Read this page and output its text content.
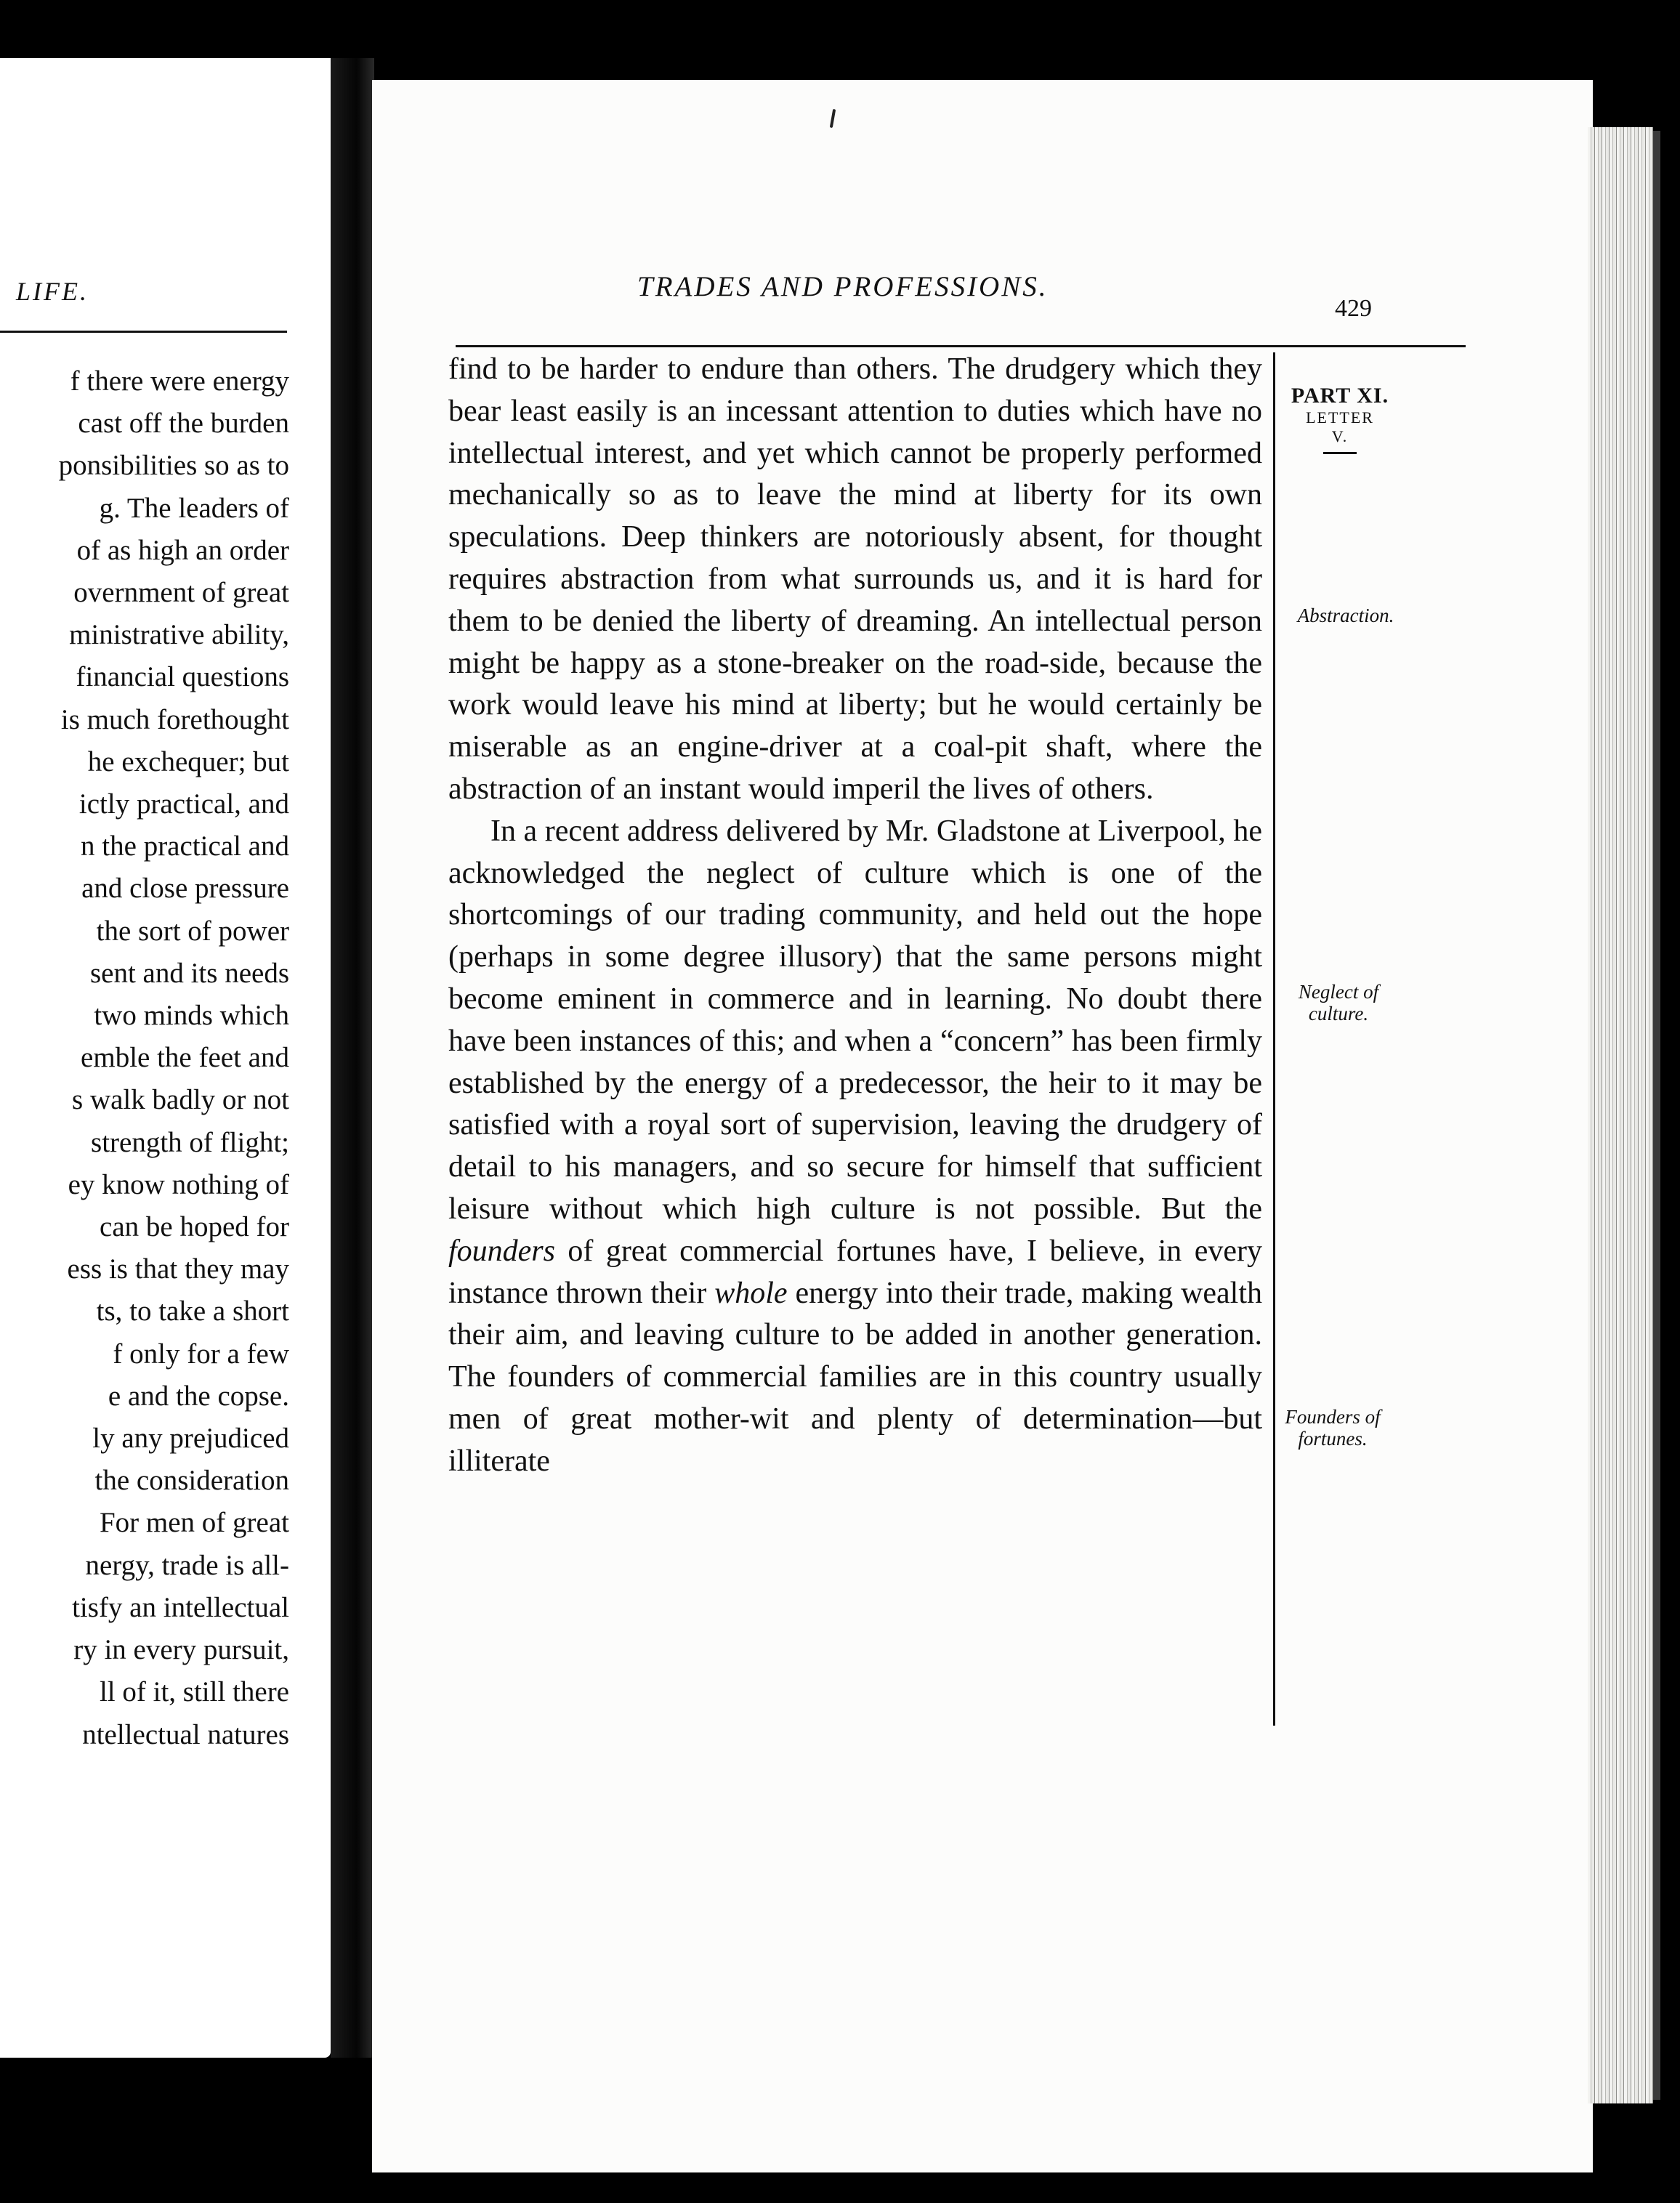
LIFE.
f there were energy
cast off the burden
ponsibilities so as to
g. The leaders of
of as high an order
overnment of great
ministrative ability,
financial questions
is much forethought
he exchequer; but
ictly practical, and
n the practical and
and close pressure
the sort of power
sent and its needs
two minds which
emble the feet and
s walk badly or not
strength of flight;
ey know nothing of
can be hoped for
ess is that they may
ts, to take a short
f only for a few
e and the copse.
ly any prejudiced
the consideration
For men of great
nergy, trade is all-
tisfy an intellectual
ry in every pursuit,
ll of it, still there
ntellectual natures
TRADES AND PROFESSIONS.
429

find to be harder to endure than others. The drudgery which they bear least easily is an incessant attention to duties which have no intellectual interest, and yet which cannot be properly performed mechanically so as to leave the mind at liberty for its own speculations. Deep thinkers are notoriously absent, for thought requires abstraction from what surrounds us, and it is hard for them to be denied the liberty of dreaming. An intellectual person might be happy as a stone-breaker on the road-side, because the work would leave his mind at liberty; but he would certainly be miserable as an engine-driver at a coal-pit shaft, where the abstraction of an instant would imperil the lives of others.

In a recent address delivered by Mr. Gladstone at Liverpool, he acknowledged the neglect of culture which is one of the shortcomings of our trading community, and held out the hope (perhaps in some degree illusory) that the same persons might become eminent in commerce and in learning. No doubt there have been instances of this; and when a “concern” has been firmly established by the energy of a predecessor, the heir to it may be satisfied with a royal sort of supervision, leaving the drudgery of detail to his managers, and so secure for himself that sufficient leisure without which high culture is not possible. But the founders of great commercial fortunes have, I believe, in every instance thrown their whole energy into their trade, making wealth their aim, and leaving culture to be added in another generation. The founders of commercial families are in this country usually men of great mother-wit and plenty of determination—but illiterate

PART XI.
LETTER
V.
Abstraction.
Neglect of
culture.
Founders of
fortunes.
